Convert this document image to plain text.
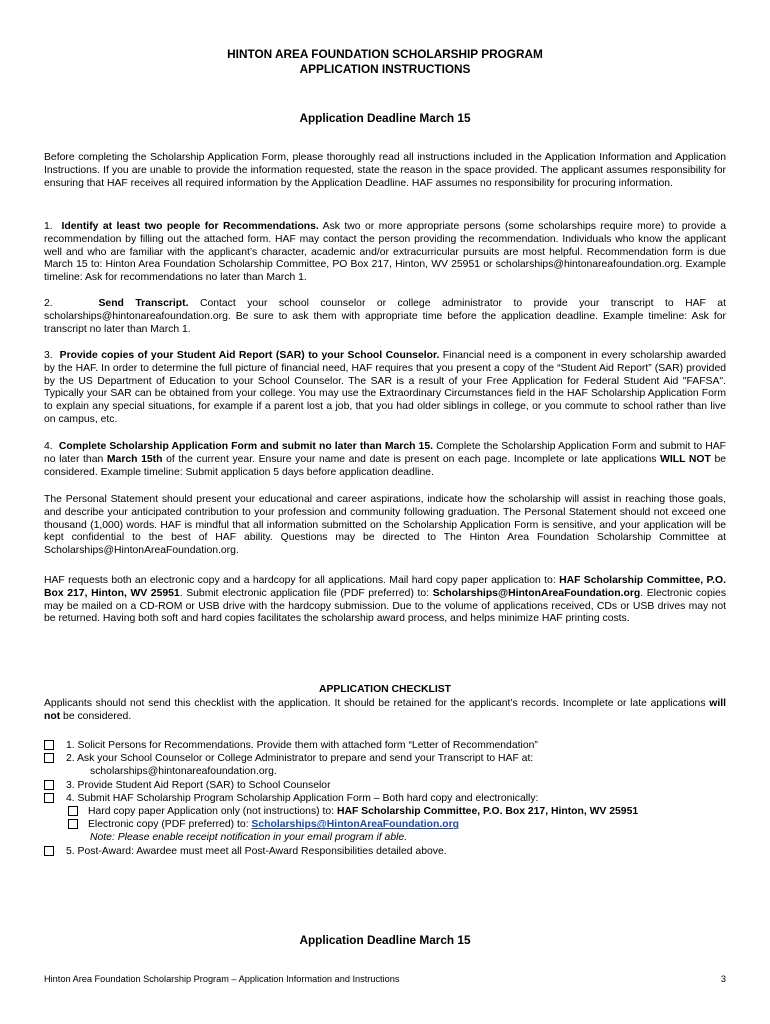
HINTON AREA FOUNDATION SCHOLARSHIP PROGRAM
APPLICATION INSTRUCTIONS
Application Deadline March 15

Before completing the Scholarship Application Form, please thoroughly read all instructions included in the Application Information and Application Instructions. If you are unable to provide the information requested, state the reason in the space provided. The applicant assumes responsibility for ensuring that HAF receives all required information by the Application Deadline. HAF assumes no responsibility for procuring information.

1. Identify at least two people for Recommendations. Ask two or more appropriate persons (some scholarships require more) to provide a recommendation by filling out the attached form. HAF may contact the person providing the recommendation. Individuals who know the applicant well and who are familiar with the applicant’s character, academic and/or extracurricular pursuits are most helpful. Recommendation form is due March 15 to: Hinton Area Foundation Scholarship Committee, PO Box 217, Hinton, WV 25951 or scholarships@hintonareafoundation.org. Example timeline: Ask for recommendations no later than March 1.

2.	Send Transcript. Contact your school counselor or college administrator to provide your transcript to HAF at scholarships@hintonareafoundation.org. Be sure to ask them with appropriate time before the application deadline. Example timeline: Ask for transcript no later than March 1.

3. Provide copies of your Student Aid Report (SAR) to your School Counselor. Financial need is a component in every scholarship awarded by the HAF. In order to determine the full picture of financial need, HAF requires that you present a copy of the “Student Aid Report” (SAR) provided by the US Department of Education to your School Counselor. The SAR is a result of your Free Application for Federal Student Aid "FAFSA". Typically your SAR can be obtained from your college. You may use the Extraordinary Circumstances field in the HAF Scholarship Application Form to explain any special situations, for example if a parent lost a job, that you had older siblings in college, or you commute to school rather than live on campus, etc.

4. Complete Scholarship Application Form and submit no later than March 15. Complete the Scholarship Application Form and submit to HAF no later than March 15th of the current year. Ensure your name and date is present on each page. Incomplete or late applications WILL NOT be considered. Example timeline: Submit application 5 days before application deadline.

The Personal Statement should present your educational and career aspirations, indicate how the scholarship will assist in reaching those goals, and describe your anticipated contribution to your profession and community following graduation. The Personal Statement should not exceed one thousand (1,000) words. HAF is mindful that all information submitted on the Scholarship Application Form is sensitive, and your application will be kept confidential to the best of HAF ability. Questions may be directed to The Hinton Area Foundation Scholarship Committee at Scholarships@HintonAreaFoundation.org.

HAF requests both an electronic copy and a hardcopy for all applications. Mail hard copy paper application to: HAF Scholarship Committee, P.O. Box 217, Hinton, WV 25951. Submit electronic application file (PDF preferred) to: Scholarships@HintonAreaFoundation.org. Electronic copies may be mailed on a CD-ROM or USB drive with the hardcopy submission. Due to the volume of applications received, CDs or USB drives may not be returned. Having both soft and hard copies facilitates the scholarship award process, and helps minimize HAF printing costs.

APPLICATION CHECKLIST

Applicants should not send this checklist with the application. It should be retained for the applicant’s records. Incomplete or late applications will not be considered.

1. Solicit Persons for Recommendations. Provide them with attached form “Letter of Recommendation”
2. Ask your School Counselor or College Administrator to prepare and send your Transcript to HAF at:
scholarships@hintonareafoundation.org.
3. Provide Student Aid Report (SAR) to School Counselor
4. Submit HAF Scholarship Program Scholarship Application Form – Both hard copy and electronically:
Hard copy paper Application only (not instructions) to: HAF Scholarship Committee, P.O. Box 217, Hinton, WV 25951
Electronic copy (PDF preferred) to: Scholarships@HintonAreaFoundation.org
Note: Please enable receipt notification in your email program if able.
5. Post-Award: Awardee must meet all Post-Award Responsibilities detailed above.
Application Deadline March 15
Hinton Area Foundation Scholarship Program – Application Information and Instructions	3
